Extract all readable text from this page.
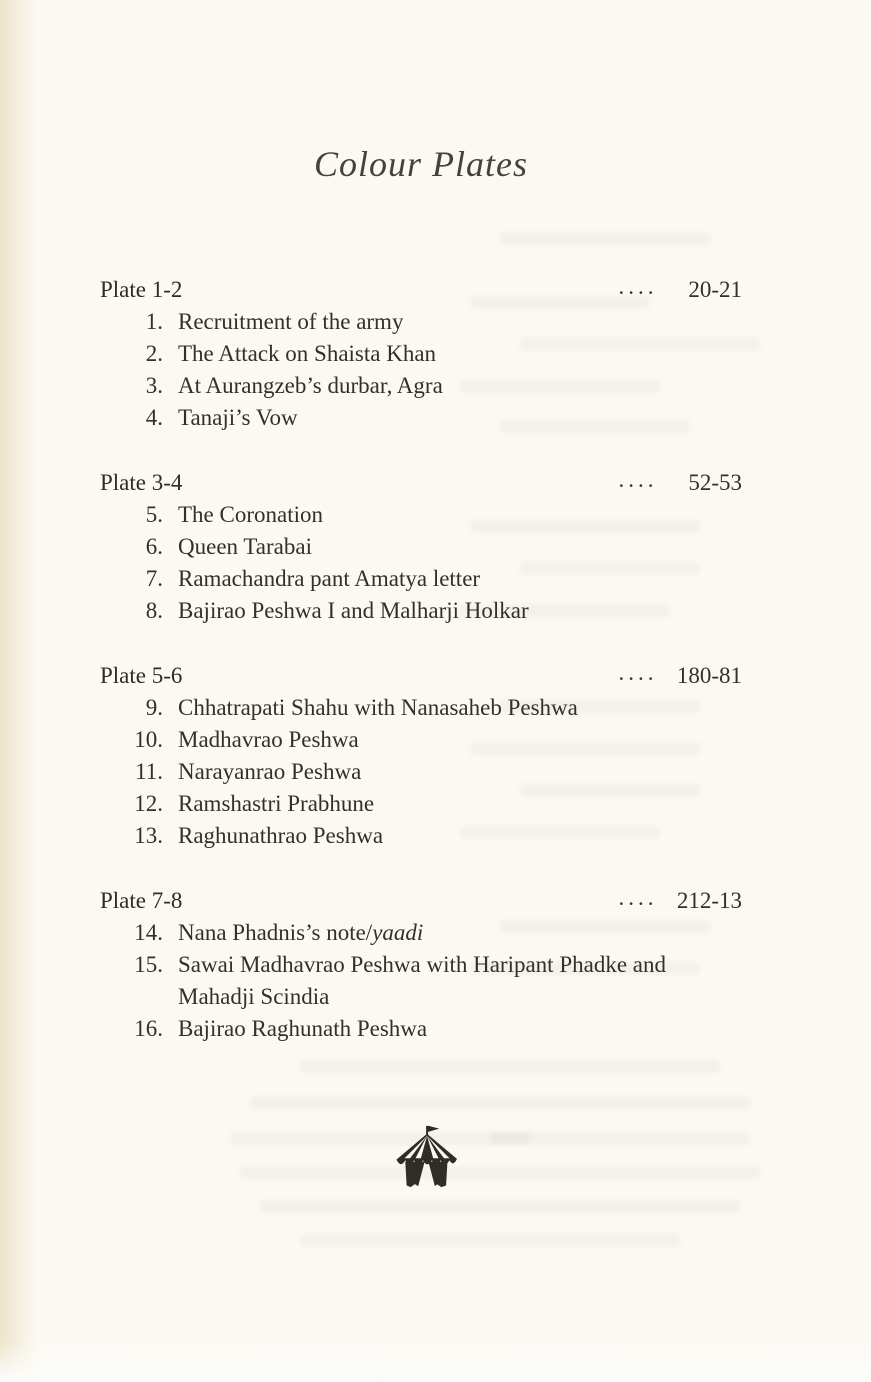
Colour Plates
Plate 1-2	....	20-21
1. Recruitment of the army
2. The Attack on Shaista Khan
3. At Aurangzeb’s durbar, Agra
4. Tanaji’s Vow
Plate 3-4	....	52-53
5. The Coronation
6. Queen Tarabai
7. Ramachandra pant Amatya letter
8. Bajirao Peshwa I and Malharji Holkar
Plate 5-6	.... 180-81
9. Chhatrapati Shahu with Nanasaheb Peshwa
10. Madhavrao Peshwa
11. Narayanrao Peshwa
12. Ramshastri Prabhune
13. Raghunathrao Peshwa
Plate 7-8	.... 212-13
14. Nana Phadnis’s note/yaadi
15. Sawai Madhavrao Peshwa with Haripant Phadke and Mahadji Scindia
16. Bajirao Raghunath Peshwa
